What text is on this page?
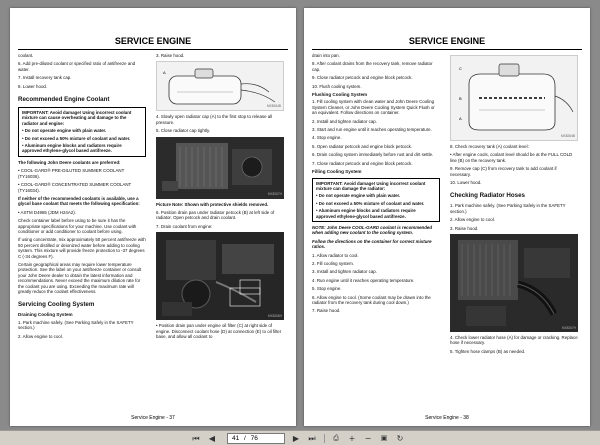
SERVICE ENGINE
coolant.
6. Add pre-diluted coolant or specified ratio of antifreeze and water.
7. Install recovery tank cap.
8. Lower hood.
Recommended Engine Coolant
IMPORTANT: Avoid damage! Using incorrect coolant mixture can cause overheating and damage to the radiator and engine:
• Do not operate engine with plain water.
• Do not exceed a 50% mixture of coolant and water.
• Aluminum engine blocks and radiators require approved ethylene-glycol based antifreeze.
The following John Deere coolants are preferred:
• COOL-GARD® PRE-DILUTED SUMMER COOLANT (TY16036).
• COOL-GARD® CONCENTRATED SUMMER COOLANT (TY16034).
If neither of the recommended coolants is available, use a glycol base coolant that meets the following specification:
• ASTM D4985 (JDM H24A2).
Check container label before using to be sure it has the appropriate specifications for your machine. Use coolant with conditioner or add conditioner to coolant before using.
If using concentrate, mix approximately 50 percent antifreeze with 50 percent distilled or deionized water before adding to cooling system. This mixture will provide freeze protection to -37 degrees C (-34 degrees F).
Certain geographical areas may require lower temperature protection. See the label on your antifreeze container or consult your John Deere dealer to obtain the latest information and recommendations. Never exceed the maximum dilution rate for the coolant you are using. Exceeding the maximum rate will greatly reduce the coolant effectiveness.
Servicing Cooling System
Draining Cooling System
1. Park machine safely. (See Parking Safely in the SAFETY section.)
2. Allow engine to cool.
3. Raise hood.
A
MX8264B
4. Slowly open radiator cap (A) to the first stop to release all pressure.
5. Close radiator cap tightly.
MX8267H
Picture Note: Shown with protective shields removed.
6. Position drain pan under radiator petcock (B) at left side of radiator. Open petcock and drain coolant.
7. Drain coolant from engine:
MX8266H
• Position drain pan under engine oil filter (C) at right side of engine. Disconnect coolant hose (D) at connection (E) to oil filter base, and allow all coolant to
Service Engine - 37
SERVICE ENGINE
drain into pan.
8. After coolant drains from the recovery tank, remove radiator cap.
9. Close radiator petcock and engine block petcock.
10. Flush cooling system.
Flushing Cooling System
1. Fill cooling system with clean water and John Deere Cooling System Cleaner, or John Deere Cooling System Quick Flush or an equivalent. Follow directions on container.
2. Install and tighten radiator cap.
3. Start and run engine until it reaches operating temperature.
4. Stop engine.
5. Open radiator petcock and engine block petcock.
6. Drain cooling system immediately before rust and dirt settle.
7. Close radiator petcock and engine block petcock.
Filling Cooling System
IMPORTANT: Avoid damage! Using incorrect coolant mixture can damage the radiator:
• Do not operate engine with plain water.
• Do not exceed a 50% mixture of coolant and water.
• Aluminum engine blocks and radiators require approved ethylene-glycol based antifreeze.
NOTE: John Deere COOL-GARD coolant is recommended when adding new coolant to the cooling system.
Follow the directions on the container for correct mixture ratios.
1. Allow radiator to cool.
2. Fill cooling system.
3. Install and tighten radiator cap.
4. Run engine until it reaches operating temperature.
5. Stop engine.
6. Allow engine to cool. (Some coolant may be drawn into the radiator from the recovery tank during cool down.)
7. Raise hood.
C
B
A
MX8264B
8. Check recovery tank (A) coolant level:
• After engine cools, coolant level should be at the FULL COLD line (B) on the recovery tank.
9. Remove cap (C) from recovery tank to add coolant if necessary.
10. Lower hood.
Checking Radiator Hoses
1. Park machine safely. (See Parking Safely in the SAFETY section.)
2. Allow engine to cool.
3. Raise hood.
MX8267H
4. Check lower radiator hose (A) for damage or cracking. Replace hose if necessary.
5. Tighten hose clamps (B) as needed.
Service Engine - 38
⏮	◀	41 / 76	▶	⏭	⎙	+	−	▣	↻
